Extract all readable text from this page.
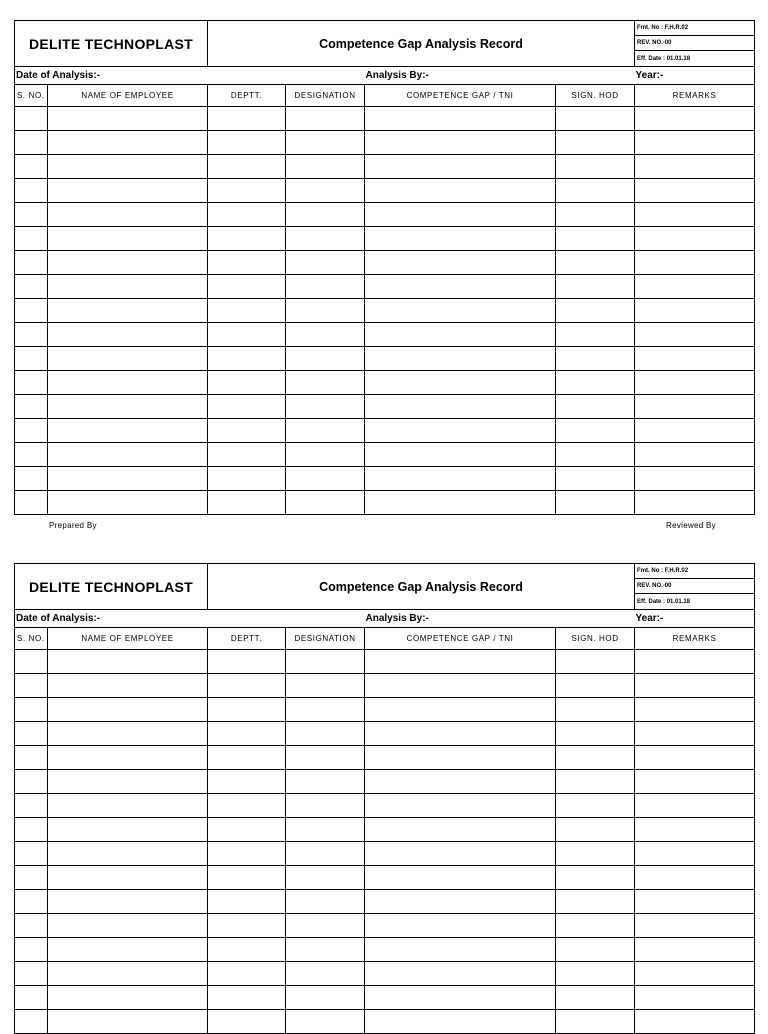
DELITE TECHNOPLAST		Competence Gap Analysis Record				Fmt. No : F.H.R.02
						REV. NO.-00
						Eff. Date : 01.01.18
Date of Analysis:-				Analysis By:-		Year:-
S. NO.	NAME OF EMPLOYEE	DEPTT.	DESIGNATION	COMPETENCE GAP / TNI	SIGN. HOD	REMARKS

Prepared By	Reviewed By
DELITE TECHNOPLAST		Competence Gap Analysis Record				Fmt. No : F.H.R.02
						REV. NO.-00
						Eff. Date : 01.01.18
Date of Analysis:-				Analysis By:-		Year:-
S. NO.	NAME OF EMPLOYEE	DEPTT.	DESIGNATION	COMPETENCE GAP / TNI	SIGN. HOD	REMARKS
